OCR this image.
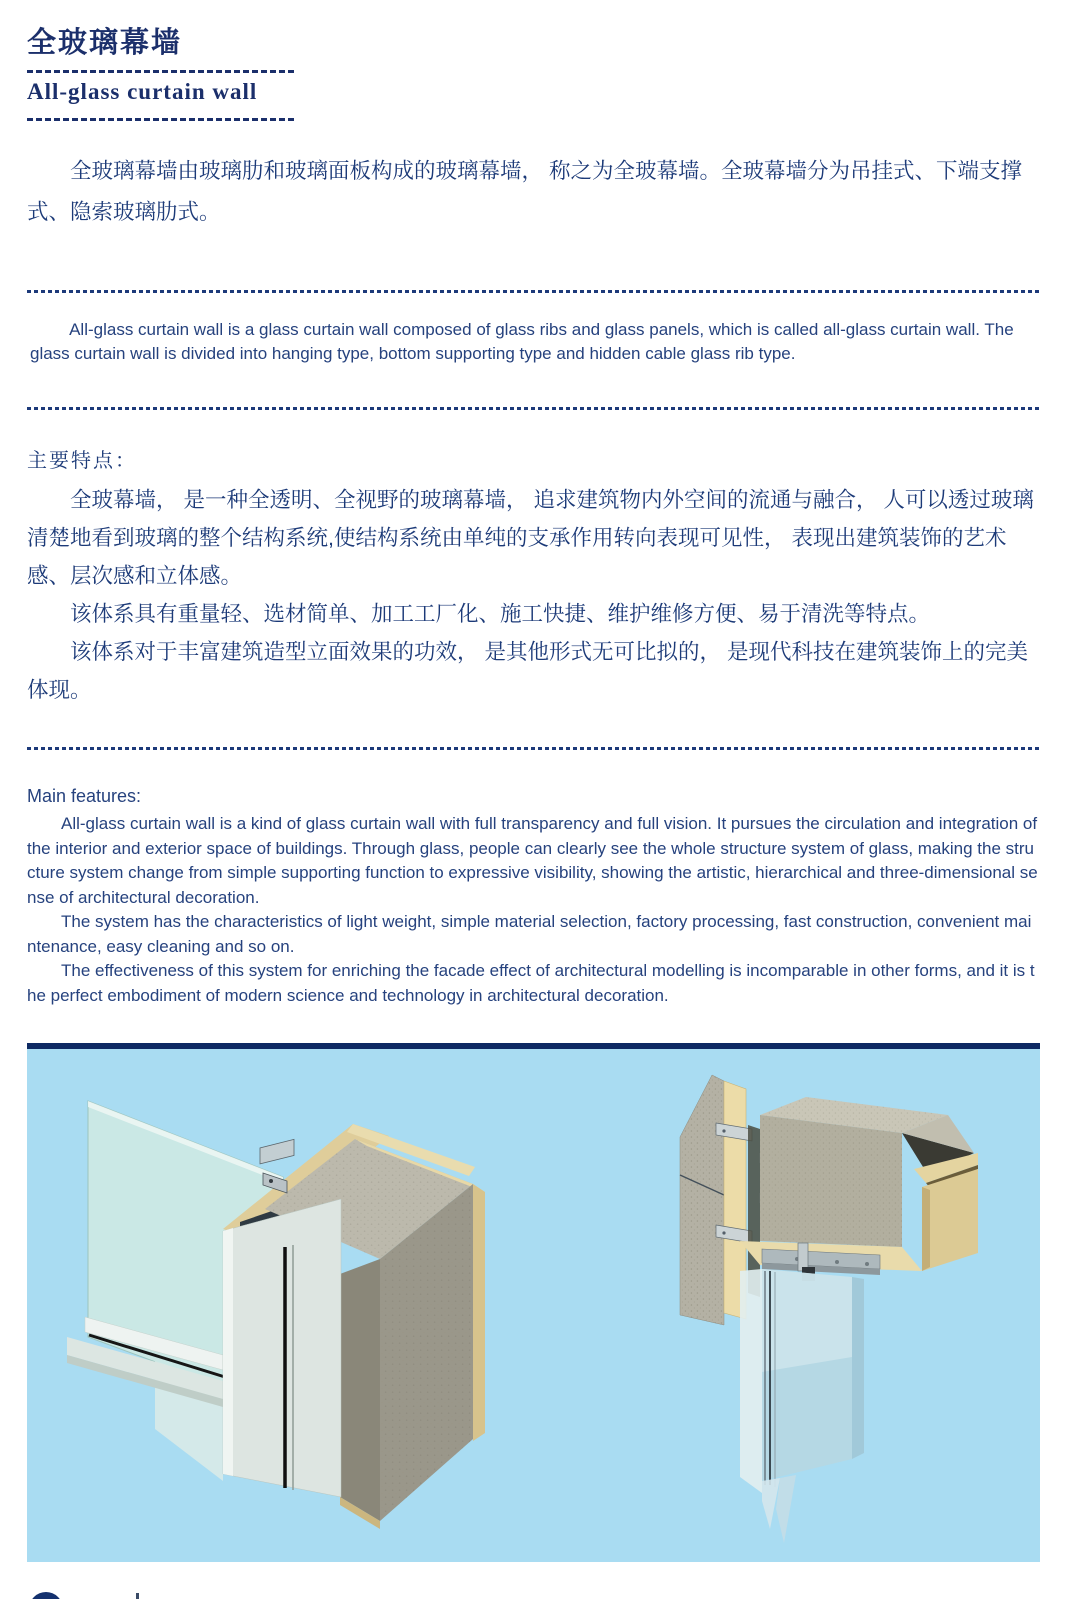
全玻璃幕墙
All-glass curtain wall
全玻璃幕墙由玻璃肋和玻璃面板构成的玻璃幕墙， 称之为全玻幕墙。全玻幕墙分为吊挂式、下端支撑式、隐索玻璃肋式。
All-glass curtain wall is a glass curtain wall composed of glass ribs and glass panels, which is called all-glass curtain wall. The glass curtain wall is divided into hanging type, bottom supporting type and hidden cable glass rib type.
主要特点：

全玻幕墙， 是一种全透明、全视野的玻璃幕墙， 追求建筑物内外空间的流通与融合， 人可以透过玻璃清楚地看到玻璃的整个结构系统,使结构系统由单纯的支承作用转向表现可见性， 表现出建筑装饰的艺术感、层次感和立体感。

该体系具有重量轻、选材简单、加工工厂化、施工快捷、维护维修方便、易于清洗等特点。

该体系对于丰富建筑造型立面效果的功效， 是其他形式无可比拟的， 是现代科技在建筑装饰上的完美体现。

Main features:

All-glass curtain wall is a kind of glass curtain wall with full transparency and full vision. It pursues the circulation and integration of the interior and exterior space of buildings. Through glass, people can clearly see the whole structure system of glass, making the structure system change from simple supporting function to expressive visibility, showing the artistic, hierarchical and three-dimensional sense of architectural decoration.

The system has the characteristics of light weight, simple material selection, factory processing, fast construction, convenient maintenance, easy cleaning and so on.

The effectiveness of this system for enriching the facade effect of architectural modelling is incomparable in other forms, and it is the perfect embodiment of modern science and technology in architectural decoration.
